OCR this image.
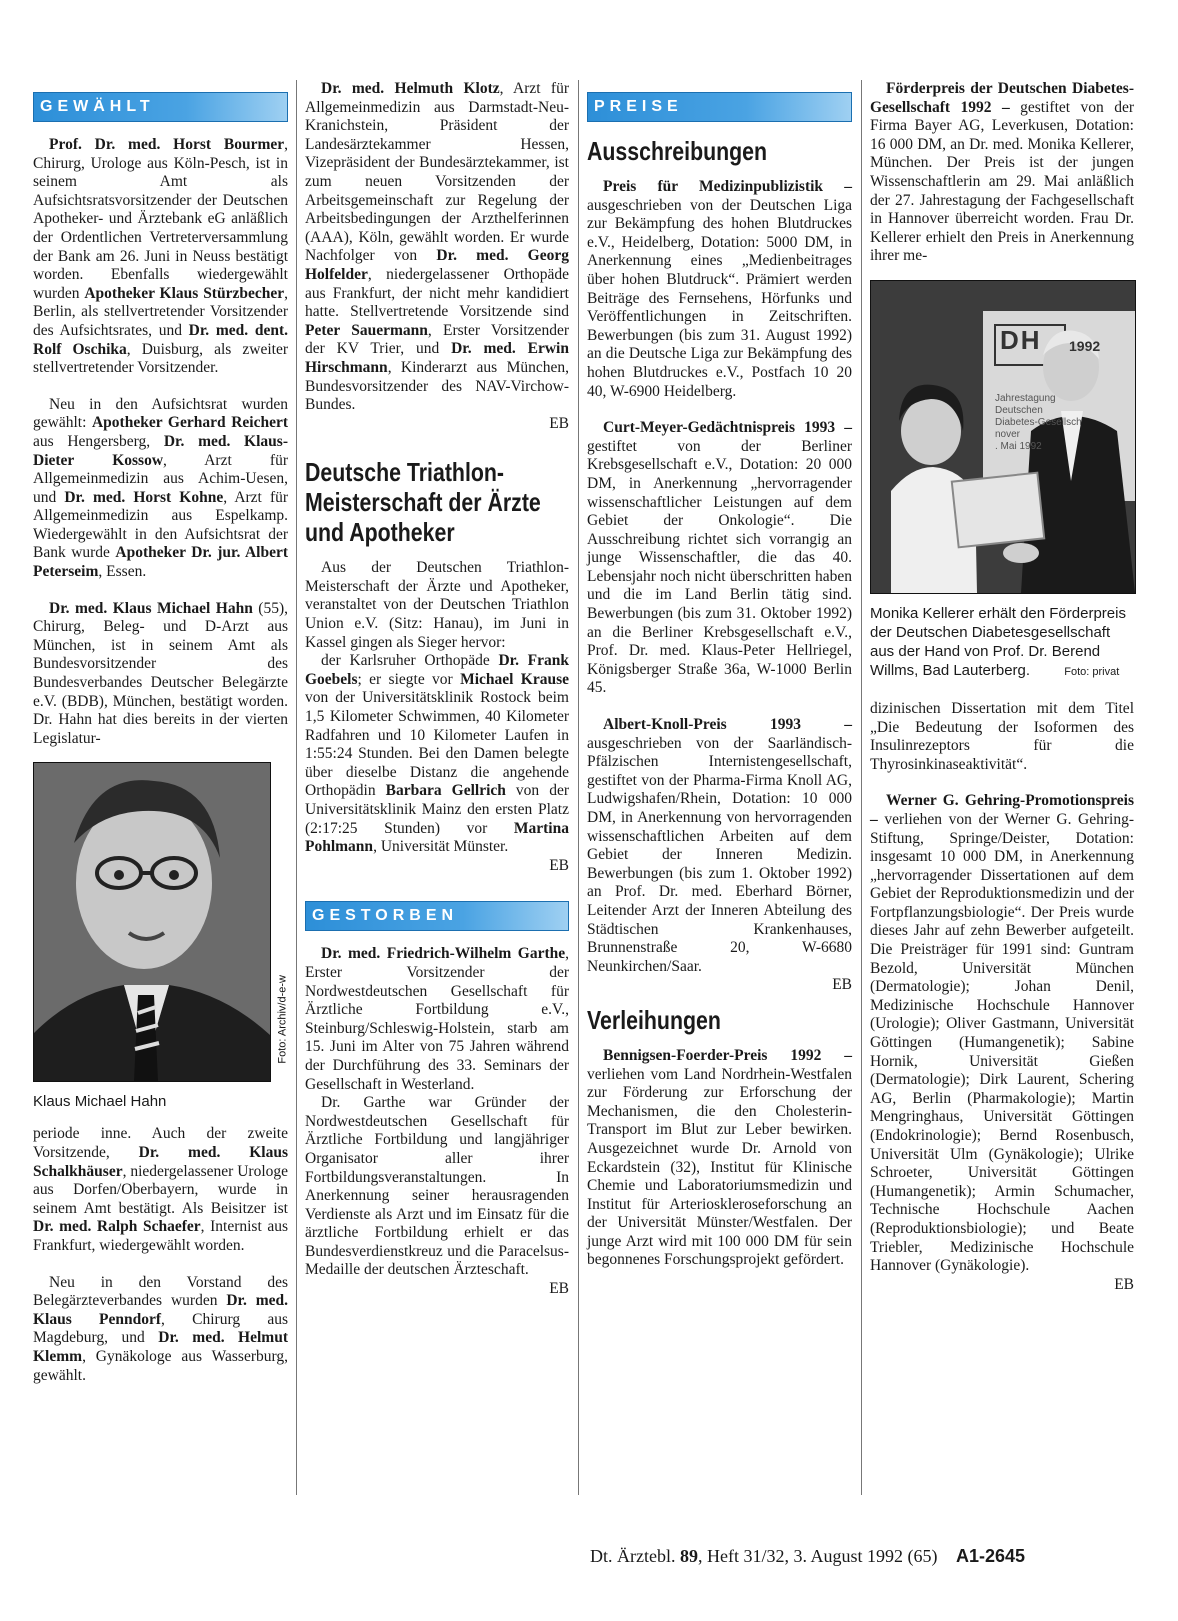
GEWÄHLT

Prof. Dr. med. Horst Bourmer, Chirurg, Urologe aus Köln-Pesch, ist in seinem Amt als Aufsichtsratsvorsitzender der Deutschen Apotheker- und Ärztebank eG anläßlich der Ordentlichen Vertreterversammlung der Bank am 26. Juni in Neuss bestätigt worden. Ebenfalls wiedergewählt wurden Apotheker Klaus Stürzbecher, Berlin, als stellvertretender Vorsitzender des Aufsichtsrates, und Dr. med. dent. Rolf Oschika, Duisburg, als zweiter stellvertretender Vorsitzender.

Neu in den Aufsichtsrat wurden gewählt: Apotheker Gerhard Reichert aus Hengersberg, Dr. med. Klaus-Dieter Kossow, Arzt für Allgemeinmedizin aus Achim-Uesen, und Dr. med. Horst Kohne, Arzt für Allgemeinmedizin aus Espelkamp. Wiedergewählt in den Aufsichtsrat der Bank wurde Apotheker Dr. jur. Albert Peterseim, Essen.

Dr. med. Klaus Michael Hahn (55), Chirurg, Beleg- und D-Arzt aus München, ist in seinem Amt als Bundesvorsitzender des Bundesverbandes Deutscher Belegärzte e.V. (BDB), München, bestätigt worden. Dr. Hahn hat dies bereits in der vierten Legislatur-

Foto: Archiv/d-e-w
Klaus Michael Hahn

periode inne. Auch der zweite Vorsitzende, Dr. med. Klaus Schalkhäuser, niedergelassener Urologe aus Dorfen/Oberbayern, wurde in seinem Amt bestätigt. Als Beisitzer ist Dr. med. Ralph Schaefer, Internist aus Frankfurt, wiedergewählt worden.

Neu in den Vorstand des Belegärzteverbandes wurden Dr. med. Klaus Penndorf, Chirurg aus Magdeburg, und Dr. med. Helmut Klemm, Gynäkologe aus Wasserburg, gewählt.

Dr. med. Helmuth Klotz, Arzt für Allgemeinmedizin aus Darmstadt-Neu-Kranichstein, Präsident der Landesärztekammer Hessen, Vizepräsident der Bundesärztekammer, ist zum neuen Vorsitzenden der Arbeitsgemeinschaft zur Regelung der Arbeitsbedingungen der Arzthelferinnen (AAA), Köln, gewählt worden. Er wurde Nachfolger von Dr. med. Georg Holfelder, niedergelassener Orthopäde aus Frankfurt, der nicht mehr kandidiert hatte. Stellvertretende Vorsitzende sind Peter Sauermann, Erster Vorsitzender der KV Trier, und Dr. med. Erwin Hirschmann, Kinderarzt aus München, Bundesvorsitzender des NAV-Virchow-Bundes.

EB
Deutsche Triathlon-Meisterschaft der Ärzte und Apotheker

Aus der Deutschen Triathlon-Meisterschaft der Ärzte und Apotheker, veranstaltet von der Deutschen Triathlon Union e.V. (Sitz: Hanau), im Juni in Kassel gingen als Sieger hervor:

der Karlsruher Orthopäde Dr. Frank Goebels; er siegte vor Michael Krause von der Universitätsklinik Rostock beim 1,5 Kilometer Schwimmen, 40 Kilometer Radfahren und 10 Kilometer Laufen in 1:55:24 Stunden. Bei den Damen belegte über dieselbe Distanz die angehende Orthopädin Barbara Gellrich von der Universitätsklinik Mainz den ersten Platz (2:17:25 Stunden) vor Martina Pohlmann, Universität Münster.

EB
GESTORBEN

Dr. med. Friedrich-Wilhelm Garthe, Erster Vorsitzender der Nordwestdeutschen Gesellschaft für Ärztliche Fortbildung e.V., Steinburg/Schleswig-Holstein, starb am 15. Juni im Alter von 75 Jahren während der Durchführung des 33. Seminars der Gesellschaft in Westerland.

Dr. Garthe war Gründer der Nordwestdeutschen Gesellschaft für Ärztliche Fortbildung und langjähriger Organisator aller ihrer Fortbildungsveranstaltungen. In Anerkennung seiner herausragenden Verdienste als Arzt und im Einsatz für die ärztliche Fortbildung erhielt er das Bundesverdienstkreuz und die Paracelsus-Medaille der deutschen Ärzteschaft.

EB
PREISE
Ausschreibungen

Preis für Medizinpublizistik – ausgeschrieben von der Deutschen Liga zur Bekämpfung des hohen Blutdruckes e.V., Heidelberg, Dotation: 5000 DM, in Anerkennung eines „Medienbeitrages über hohen Blutdruck“. Prämiert werden Beiträge des Fernsehens, Hörfunks und Veröffentlichungen in Zeitschriften. Bewerbungen (bis zum 31. August 1992) an die Deutsche Liga zur Bekämpfung des hohen Blutdruckes e.V., Postfach 10 20 40, W-6900 Heidelberg.

Curt-Meyer-Gedächtnispreis 1993 – gestiftet von der Berliner Krebsgesellschaft e.V., Dotation: 20 000 DM, in Anerkennung „hervorragender wissenschaftlicher Leistungen auf dem Gebiet der Onkologie“. Die Ausschreibung richtet sich vorrangig an junge Wissenschaftler, die das 40. Lebensjahr noch nicht überschritten haben und die im Land Berlin tätig sind. Bewerbungen (bis zum 31. Oktober 1992) an die Berliner Krebsgesellschaft e.V., Prof. Dr. med. Klaus-Peter Hellriegel, Königsberger Straße 36a, W-1000 Berlin 45.

Albert-Knoll-Preis 1993 – ausgeschrieben von der Saarländisch-Pfälzischen Internistengesellschaft, gestiftet von der Pharma-Firma Knoll AG, Ludwigshafen/Rhein, Dotation: 10 000 DM, in Anerkennung von hervorragenden wissenschaftlichen Arbeiten auf dem Gebiet der Inneren Medizin. Bewerbungen (bis zum 1. Oktober 1992) an Prof. Dr. med. Eberhard Börner, Leitender Arzt der Inneren Abteilung des Städtischen Krankenhauses, Brunnenstraße 20, W-6680 Neunkirchen/Saar.

EB
Verleihungen

Bennigsen-Foerder-Preis 1992 – verliehen vom Land Nordrhein-Westfalen zur Förderung zur Erforschung der Mechanismen, die den Cholesterin-Transport im Blut zur Leber bewirken. Ausgezeichnet wurde Dr. Arnold von Eckardstein (32), Institut für Klinische Chemie und Laboratoriumsmedizin und Institut für Arterioskleroseforschung an der Universität Münster/Westfalen. Der junge Arzt wird mit 100 000 DM für sein begonnenes Forschungsprojekt gefördert.

Förderpreis der Deutschen Diabetes-Gesellschaft 1992 – gestiftet von der Firma Bayer AG, Leverkusen, Dotation: 16 000 DM, an Dr. med. Monika Kellerer, München. Der Preis ist der jungen Wissenschaftlerin am 29. Mai anläßlich der 27. Jahrestagung der Fachgesellschaft in Hannover überreicht worden. Frau Dr. Kellerer erhielt den Preis in Anerkennung ihrer me-

DH 1992
Jahrestagung
Deutschen
Diabetes-Gesellsch
nover
. Mai 1992
Monika Kellerer erhält den Förderpreis der Deutschen Diabetesgesellschaft aus der Hand von Prof. Dr. Berend Willms, Bad Lauterberg.	Foto: privat

dizinischen Dissertation mit dem Titel „Die Bedeutung der Isoformen des Insulinrezeptors für die Thyrosinkinaseaktivität“.

Werner G. Gehring-Promotionspreis – verliehen von der Werner G. Gehring-Stiftung, Springe/Deister, Dotation: insgesamt 10 000 DM, in Anerkennung „hervorragender Dissertationen auf dem Gebiet der Reproduktionsmedizin und der Fortpflanzungsbiologie“. Der Preis wurde dieses Jahr auf zehn Bewerber aufgeteilt. Die Preisträger für 1991 sind: Guntram Bezold, Universität München (Dermatologie); Johan Denil, Medizinische Hochschule Hannover (Urologie); Oliver Gastmann, Universität Göttingen (Humangenetik); Sabine Hornik, Universität Gießen (Dermatologie); Dirk Laurent, Schering AG, Berlin (Pharmakologie); Martin Mengringhaus, Universität Göttingen (Endokrinologie); Bernd Rosenbusch, Universität Ulm (Gynäkologie); Ulrike Schroeter, Universität Göttingen (Humangenetik); Armin Schumacher, Technische Hochschule Aachen (Reproduktionsbiologie); und Beate Triebler, Medizinische Hochschule Hannover (Gynäkologie).

EB
Dt. Ärztebl. 89, Heft 31/32, 3. August 1992 (65) A1-2645
